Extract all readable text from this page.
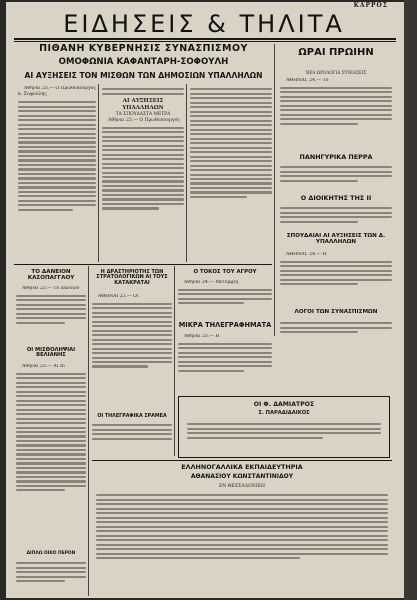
ΚΑΡΡΟΣ
ΕΙΔΗΣΕΙΣ & ΤΗΛΙΤΑ
ΠΙΘΑΝΗ ΚΥΒΕΡΝΗΣΙΣ ΣΥΝΑΣΠΙΣΜΟΥ
ΟΜΟΦΩΝΙΑ ΚΑΦΑΝΤΑΡΗ-ΣΟΦΟΥΛΗ
ΑΙ ΑΥΞΗΣΕΙΣ ΤΟΝ ΜΙΣΘΩΝ ΤΩΝ ΔΗΜΟΣΙΩΝ ΥΠΑΛΛΗΛΩΝ

Αθήναι 23.— Ο Πρωθυπουργός κ. Σοφούλης

ΑΙ ΑΥΞΗΣΕΙΣ ΥΠΑΛΛΗΛΩΝ
ΤΑ ΣΠΟΥΔΑΣΤΑ ΜΕΤΡΑ

Αθήναι 23.— Ο Πρωθυπουργός

ΩΡΑΙ ΠΡΩΙΗΝ
ΝΕΑ ΩΡΟΛΟΓΙΑ ΣΥΝΙΑΣΕΙΣ

ΑΘΗΝΑΙ, 24.— Το

ΠΑΝΗΓΥΡΙΚΑ ΠΕΡΡΑ
Ο ΔΙΟΙΚΗΤΗΣ ΤΗΣ ΙΙ
ΣΠΟΥΔΑΙΑΙ ΑΙ ΑΥΞΗΣΕΙΣ ΤΩΝ Δ. ΥΠΑΛΛΗΛΩΝ

ΑΘΗΝΑΙ, 24.— Η

ΛΟΓΟΙ ΤΩΝ ΣΥΝΑΣΠΙΣΜΩΝ
ΤΟ ΔΑΝΕΙΟΝ ΚΑΣΟΠΑΓΓΑΟΥ

Αθήναι 23.— Το Δάνειον

ΟΙ ΜΙΣΘΟΛΗΨΙΑΙ ΒΕΛΙΑΝΗΣ

Αθήναι 23.— Αι Δι

ΔΙΠΛΩ ΟΙΚΟ ΠΕΡΟΝ
Η ΔΡΑΣΤΗΡΙΟΤΗΣ ΤΩΝ ΣΤΡΑΤΟΛΟΓΙΚΩΝ ΑΙ ΤΟΥΣ ΚΑΤΑΚΡΑΤΑΙ

ΑΘΗΝΑΙ 23.— Οι

ΟΙ ΤΗΛΕΓΡΑΦΙΚΑ ΣΡΑΜΕΑ
Ο ΤΟΚΟΣ ΤΟΥ ΑΓΡΟΥ

Αθήναι 24.— Μετεμφίη

ΜΙΚΡΑ ΤΗΛΕΓΡΑΦΗΜΑΤΑ

Αθήναι 23.— Η

ΟΙ Φ. ΔΑΜΙΑΤΡΟΣ
Σ. ΠΑΡΑΔΙΔΑΙΚΟΣ
ΕΛΛΗΝΟΓΑΛΛΙΚΑ ΕΚΠΑΙΔΕΥΤΗΡΙΑ
ΑΘΑΝΑΣΙΟΥ ΚΩΝΣΤΑΝΤΙΝΙΔΟΥ
ΕΝ ΘΕΣΣΑΛΟΝΙΚΗ
